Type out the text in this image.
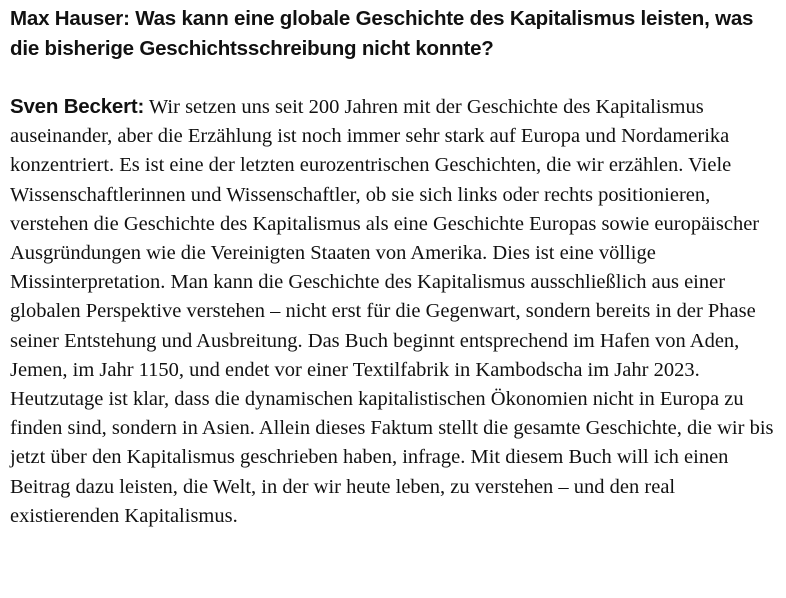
Max Hauser: Was kann eine globale Geschichte des Kapitalismus leisten, was die bisherige Geschichtsschreibung nicht konnte?

Sven Beckert: Wir setzen uns seit 200 Jahren mit der Geschichte des Kapitalismus auseinander, aber die Erzählung ist noch immer sehr stark auf Europa und Nordamerika konzentriert. Es ist eine der letzten eurozentrischen Geschichten, die wir erzählen. Viele Wissenschaftlerinnen und Wissenschaftler, ob sie sich links oder rechts positionieren, verstehen die Geschichte des Kapitalismus als eine Geschichte Europas sowie europäischer Ausgründungen wie die Vereinigten Staaten von Amerika. Dies ist eine völlige Missinterpretation. Man kann die Geschichte des Kapitalismus ausschließlich aus einer globalen Perspektive verstehen – nicht erst für die Gegenwart, sondern bereits in der Phase seiner Entstehung und Ausbreitung. Das Buch beginnt entsprechend im Hafen von Aden, Jemen, im Jahr 1150, und endet vor einer Textilfabrik in Kambodscha im Jahr 2023. Heutzutage ist klar, dass die dynamischen kapitalistischen Ökonomien nicht in Europa zu finden sind, sondern in Asien. Allein dieses Faktum stellt die gesamte Geschichte, die wir bis jetzt über den Kapitalismus geschrieben haben, infrage. Mit diesem Buch will ich einen Beitrag dazu leisten, die Welt, in der wir heute leben, zu verstehen – und den real existierenden Kapitalismus.
